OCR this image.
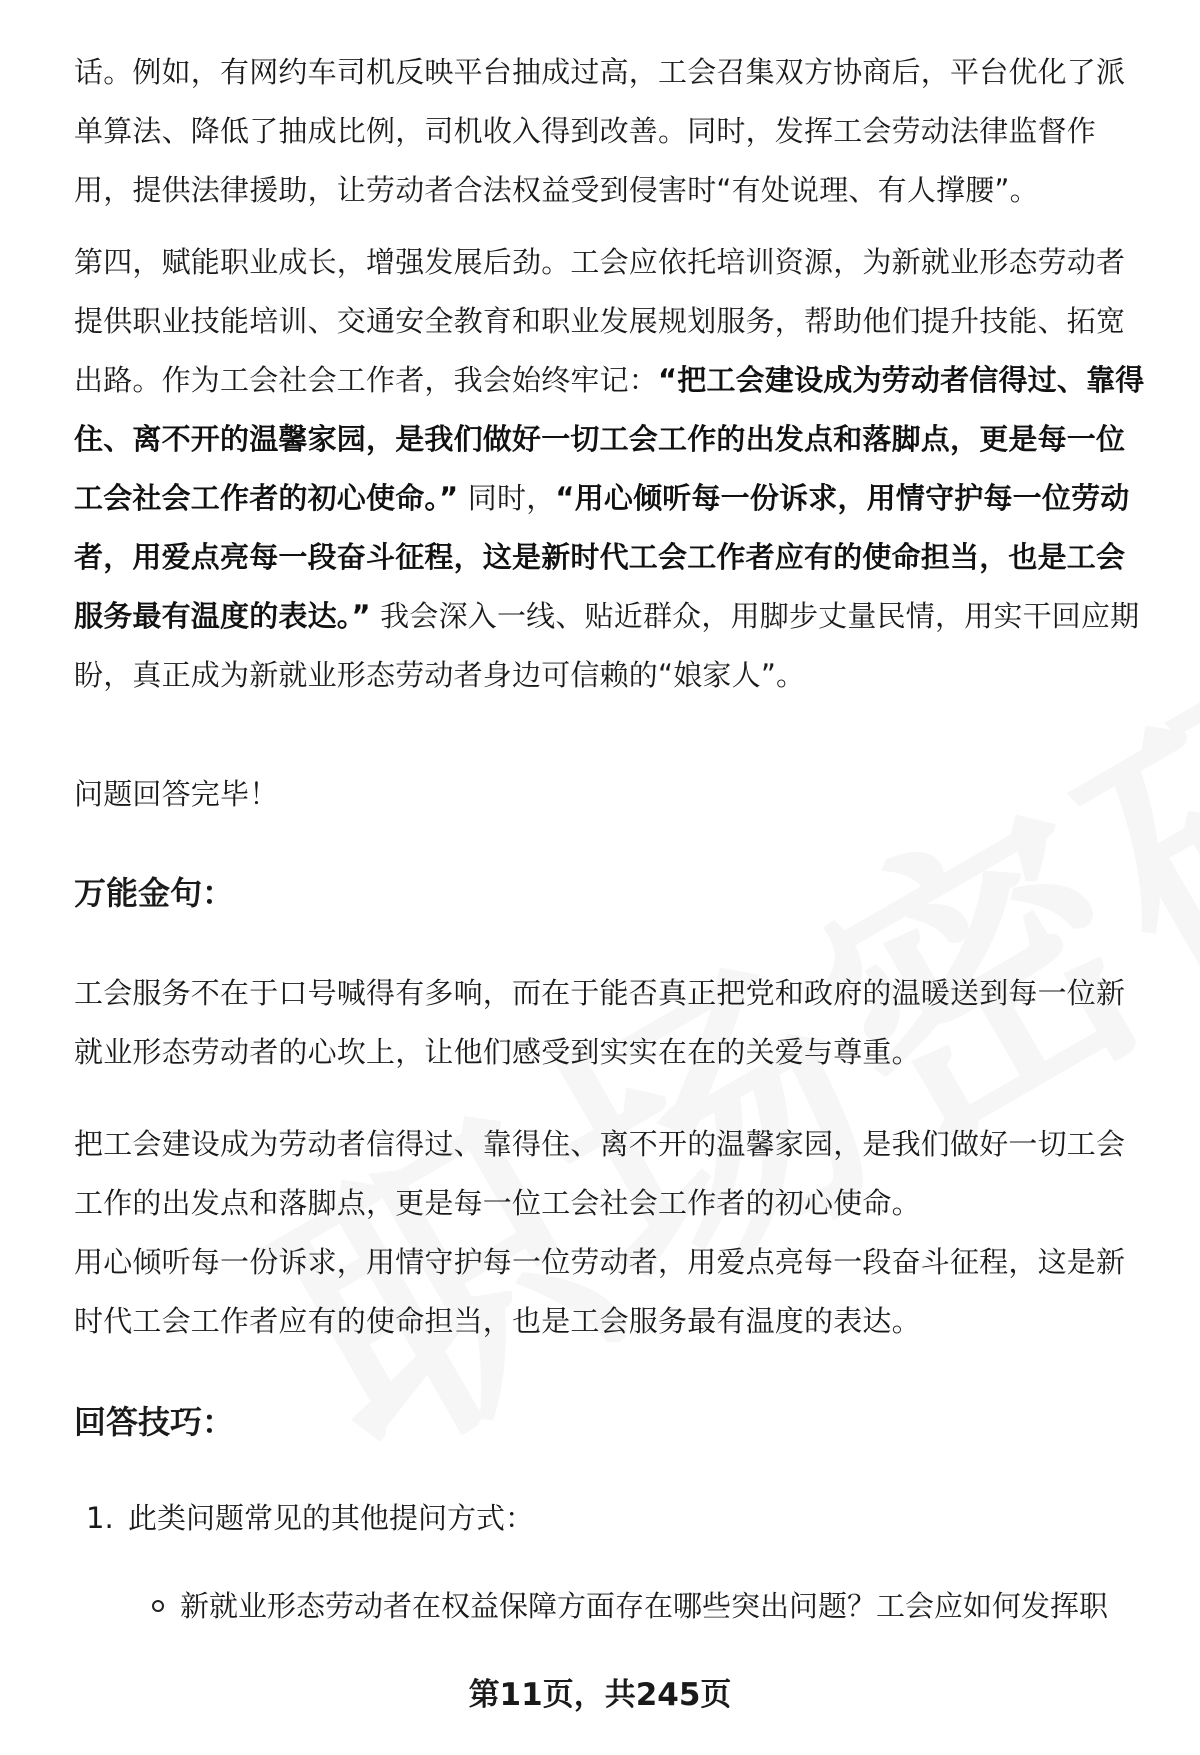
话。例如，有网约车司机反映平台抽成过高，工会召集双方协商后，平台优化了派单算法、降低了抽成比例，司机收入得到改善。同时，发挥工会劳动法律监督作用，提供法律援助，让劳动者合法权益受到侵害时“有处说理、有人撑腰”。

第四，赋能职业成长，增强发展后劲。工会应依托培训资源，为新就业形态劳动者提供职业技能培训、交通安全教育和职业发展规划服务，帮助他们提升技能、拓宽出路。作为工会社会工作者，我会始终牢记：“把工会建设成为劳动者信得过、靠得住、离不开的温馨家园，是我们做好一切工会工作的出发点和落脚点，更是每一位工会社会工作者的初心使命。” 同时，“用心倾听每一份诉求，用情守护每一位劳动者，用爱点亮每一段奋斗征程，这是新时代工会工作者应有的使命担当，也是工会服务最有温度的表达。” 我会深入一线、贴近群众，用脚步丈量民情，用实干回应期盼，真正成为新就业形态劳动者身边可信赖的“娘家人”。

问题回答完毕！

万能金句：

工会服务不在于口号喊得有多响，而在于能否真正把党和政府的温暖送到每一位新就业形态劳动者的心坎上，让他们感受到实实在在的关爱与尊重。

把工会建设成为劳动者信得过、靠得住、离不开的温馨家园，是我们做好一切工会工作的出发点和落脚点，更是每一位工会社会工作者的初心使命。

用心倾听每一份诉求，用情守护每一位劳动者，用爱点亮每一段奋斗征程，这是新时代工会工作者应有的使命担当，也是工会服务最有温度的表达。

回答技巧：
1. 此类问题常见的其他提问方式：

新就业形态劳动者在权益保障方面存在哪些突出问题？工会应如何发挥职

第11页，共245页
